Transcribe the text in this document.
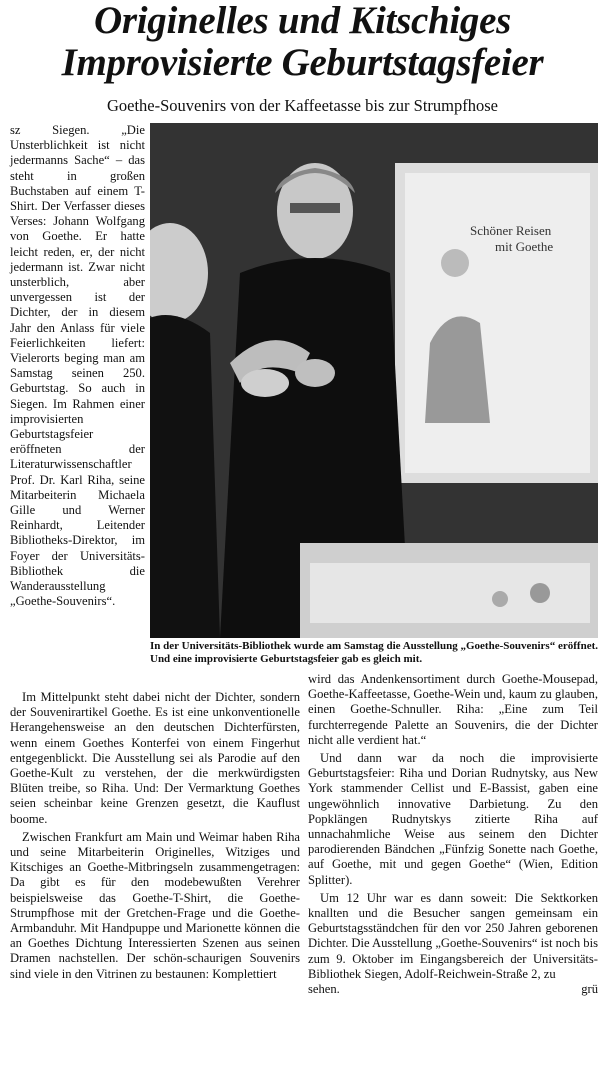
Originelles und Kitschiges
Improvisierte Geburtstagsfeier
Goethe-Souvenirs von der Kaffeetasse bis zur Strumpfhose

sz Siegen. „Die Unsterblichkeit ist nicht jedermanns Sache“ – das steht in großen Buchstaben auf einem T-Shirt. Der Verfasser dieses Verses: Johann Wolfgang von Goethe. Er hatte leicht reden, er, der nicht jedermann ist. Zwar nicht unsterblich, aber unvergessen ist der Dichter, der in diesem Jahr den Anlass für viele Feierlichkeiten liefert: Vielerorts beging man am Samstag seinen 250. Geburtstag. So auch in Siegen. Im Rahmen einer improvisierten Geburtstagsfeier eröffneten der Literaturwissenschaftler Prof. Dr. Karl Riha, seine Mitarbeiterin Michaela Gille und Werner Reinhardt, Leitender Bibliotheks-Direktor, im Foyer der Universitäts-Bibliothek die Wanderausstellung „Goethe-Souvenirs“.

Schöner Reisen
mit Goethe
In der Universitäts-Bibliothek wurde am Samstag die Ausstellung „Goethe-Souvenirs“ eröffnet. Und eine improvisierte Geburtstagsfeier gab es gleich mit.

Im Mittelpunkt steht dabei nicht der Dichter, sondern der Souvenirartikel Goethe. Es ist eine unkonventionelle Herangehensweise an den deutschen Dichterfürsten, wenn einem Goethes Konterfei von einem Fingerhut entgegenblickt. Die Ausstellung sei als Parodie auf den Goethe-Kult zu verstehen, der die merkwürdigsten Blüten treibe, so Riha. Und: Der Vermarktung Goethes seien scheinbar keine Grenzen gesetzt, die Kauflust boome.

Zwischen Frankfurt am Main und Weimar haben Riha und seine Mitarbeiterin Originelles, Witziges und Kitschiges an Goethe-Mitbringseln zusammengetragen: Da gibt es für den modebewußten Verehrer beispielsweise das Goethe-T-Shirt, die Goethe-Strumpfhose mit der Gretchen-Frage und die Goethe-Armbanduhr. Mit Handpuppe und Marionette können die an Goethes Dichtung Interessierten Szenen aus seinen Dramen nachstellen. Der schön-schaurigen Souvenirs sind viele in den Vitrinen zu bestaunen: Komplettiert

wird das Andenkensortiment durch Goethe-Mousepad, Goethe-Kaffeetasse, Goethe-Wein und, kaum zu glauben, einen Goethe-Schnuller. Riha: „Eine zum Teil furchterregende Palette an Souvenirs, die der Dichter nicht alle verdient hat.“

Und dann war da noch die improvisierte Geburtstagsfeier: Riha und Dorian Rudnytsky, aus New York stammender Cellist und E-Bassist, gaben eine ungewöhnlich innovative Darbietung. Zu den Popklängen Rudnytskys zitierte Riha auf unnachahmliche Weise aus seinem den Dichter parodierenden Bändchen „Fünfzig Sonette nach Goethe, auf Goethe, mit und gegen Goethe“ (Wien, Edition Splitter).

Um 12 Uhr war es dann soweit: Die Sektkorken knallten und die Besucher sangen gemeinsam ein Geburtstagsständchen für den vor 250 Jahren geborenen Dichter. Die Ausstellung „Goethe-Souvenirs“ ist noch bis zum 9. Oktober im Eingangsbereich der Universitäts-Bibliothek Siegen, Adolf-Reichwein-Straße 2, zu

sehen.	grü
